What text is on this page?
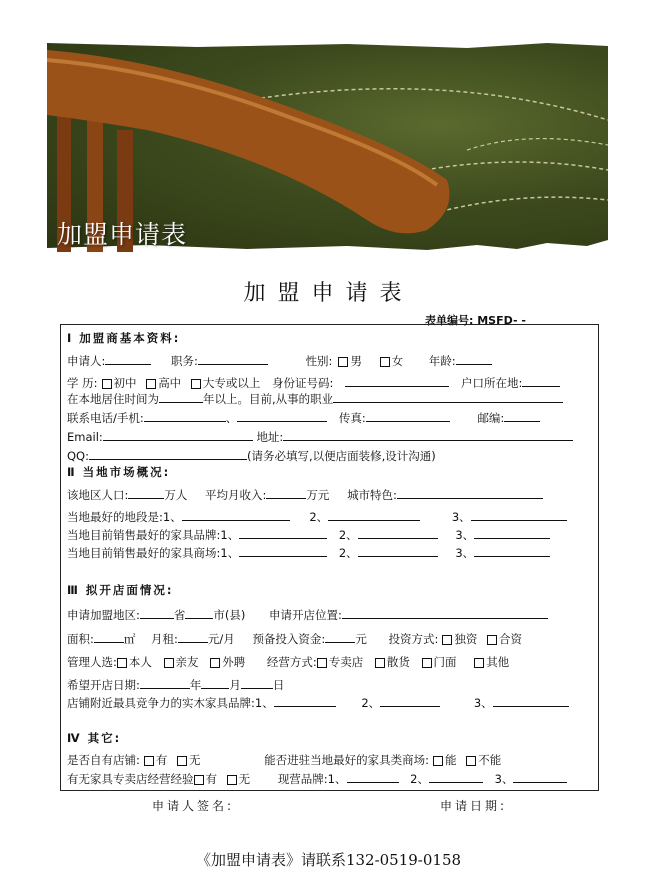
加盟申请表
加盟申请表
表单编号: MSFD- -
Ⅰ 加盟商基本资料:
申请人:	职务:	性别: 男	女 年龄:
学 历: 初中 高中 大专或以上 身份证号码:	户口所在地:
在本地居住时间为	年以上。目前,从事的职业
联系电话/手机:	、	传真:	邮编:
Email:	地址:
QQ:	(请务必填写,以便店面装修,设计沟通)
Ⅱ 当地市场概况:
该地区人口:	万人 平均月收入:	万元 城市特色:
当地最好的地段是:1、	2、	3、
当地目前销售最好的家具品牌:1、	2、	3、
当地目前销售最好的家具商场:1、	2、	3、
Ⅲ 拟开店面情况:
申请加盟地区:	省 市(县) 申请开店位置:
面积:	㎡ 月租:	元/月 预备投入资金:	元 投资方式: 独资 合资
管理人选: 本人 亲友 外聘 经营方式: 专卖店 散货 门面	其他
希望开店日期:	年 月	日
店铺附近最具竞争力的实木家具品牌:1、	2、	3、
Ⅳ 其它:
是否自有店铺: 有 无	能否进驻当地最好的家具类商场: 能 不能
有无家具专卖店经营经验 有 无 现营品牌:1、	2、	3、
申请人签名:	申请日期:
《加盟申请表》请联系132-0519-0158
